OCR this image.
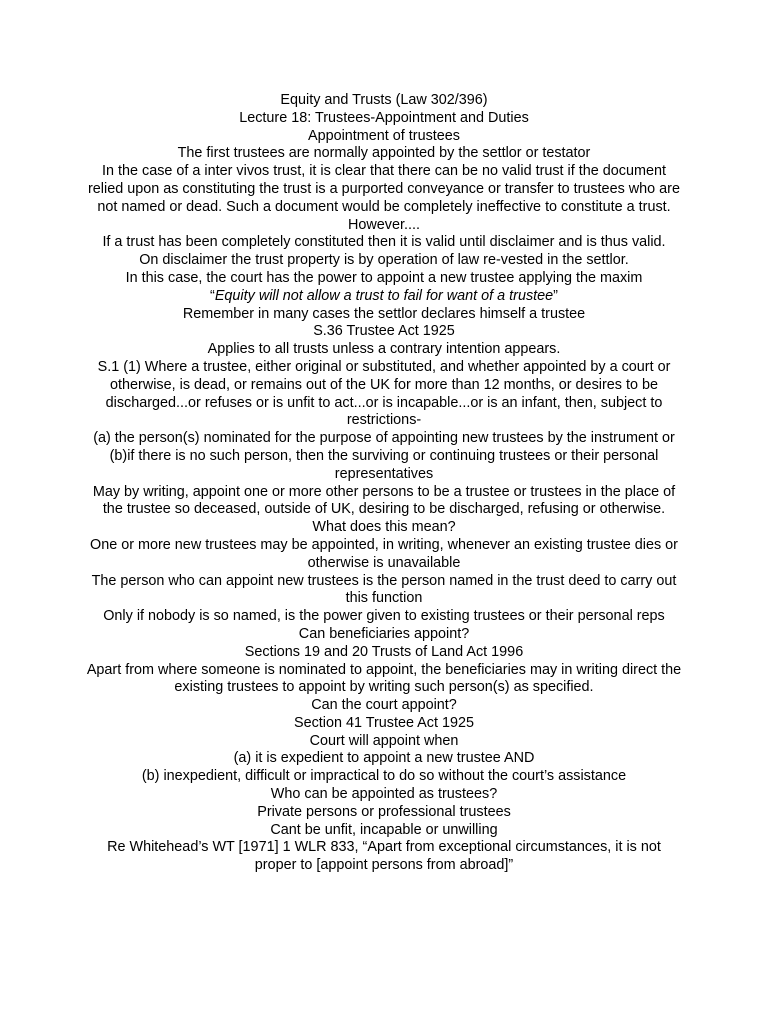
Equity and Trusts (Law 302/396)

Lecture 18: Trustees-Appointment and Duties

Appointment of trustees

The first trustees are normally appointed by the settlor or testator

In the case of a inter vivos trust, it is clear that there can be no valid trust if the document relied upon as constituting the trust is a purported conveyance or transfer to trustees who are not named or dead. Such a document would be completely ineffective to constitute a trust.

However....

If a trust has been completely constituted then it is valid until disclaimer and is thus valid.

On disclaimer the trust property is by operation of law re-vested in the settlor.

In this case, the court has the power to appoint a new trustee applying the maxim

“Equity will not allow a trust to fail for want of a trustee”

Remember in many cases the settlor declares himself a trustee

S.36 Trustee Act 1925

Applies to all trusts unless a contrary intention appears.

S.1 (1) Where a trustee, either original or substituted, and whether appointed by a court or otherwise, is dead, or remains out of the UK for more than 12 months, or desires to be discharged...or refuses or is unfit to act...or is incapable...or is an infant, then, subject to restrictions-

(a) the person(s) nominated for the purpose of appointing new trustees by the instrument or

(b)if there is no such person, then the surviving or continuing trustees or their personal representatives

May by writing, appoint one or more other persons to be a trustee or trustees in the place of the trustee so deceased, outside of UK, desiring to be discharged, refusing or otherwise.

What does this mean?

One or more new trustees may be appointed, in writing, whenever an existing trustee dies or otherwise is unavailable

The person who can appoint new trustees is the person named in the trust deed to carry out this function

Only if nobody is so named, is the power given to existing trustees or their personal reps

Can beneficiaries appoint?

Sections 19 and 20 Trusts of Land Act 1996

Apart from where someone is nominated to appoint, the beneficiaries may in writing direct the existing trustees to appoint by writing such person(s) as specified.

Can the court appoint?

Section 41 Trustee Act 1925

Court will appoint when

(a) it is expedient to appoint a new trustee AND

(b) inexpedient, difficult or impractical to do so without the court’s assistance

Who can be appointed as trustees?

Private persons or professional trustees

Cant be unfit, incapable or unwilling

Re Whitehead’s WT [1971] 1 WLR 833, “Apart from exceptional circumstances, it is not proper to [appoint persons from abroad]”
